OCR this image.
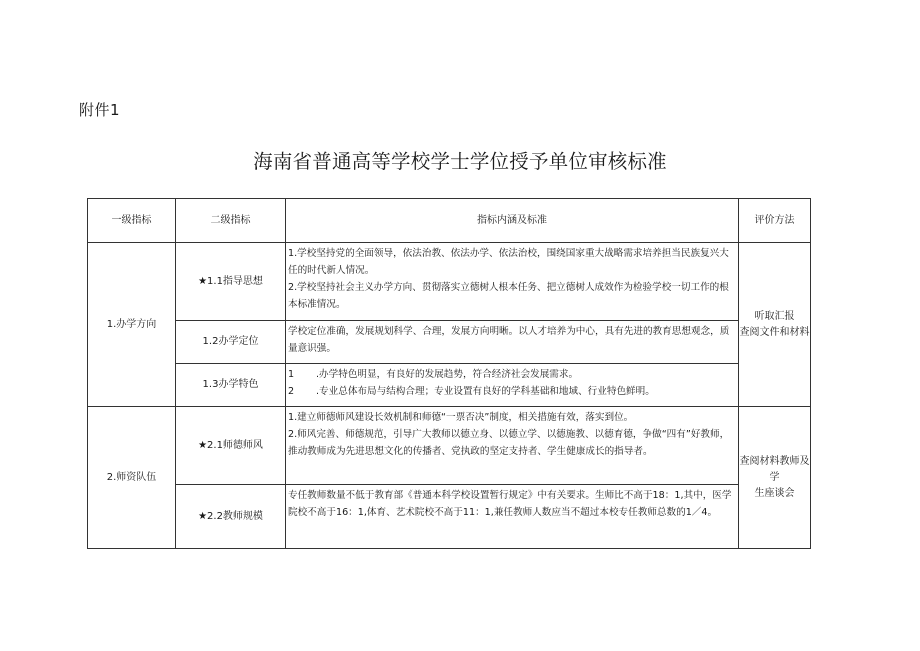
附件1
海南省普通高等学校学士学位授予单位审核标准
一级指标	二级指标	指标内涵及标准	评价方法
1.办学方向	★1.1指导思想	1.学校坚持党的全面领导，依法治教、依法办学、依法治校，围绕国家重大战略需求培养担当民族复兴大任的时代新人情况。
2.学校坚持社会主义办学方向、贯彻落实立德树人根本任务、把立德树人成效作为检验学校一切工作的根本标准情况。	听取汇报
查阅文件和材料

	1.2办学定位	学校定位准确，发展规划科学、合理，发展方向明晰。以人才培养为中心，具有先进的教育思想观念，质量意识强。	

	1.3办学特色	1 .办学特色明显，有良好的发展趋势，符合经济社会发展需求。
2 .专业总体布局与结构合理；专业设置有良好的学科基础和地域、行业特色鲜明。	

2.师资队伍	★2.1师德师风	1.建立师德师风建设长效机制和师德“一票否决”制度，相关措施有效，落实到位。
2.师风完善、师德规范，引导广大教师以德立身、以德立学、以德施教、以德育德，争做“四有”好教师，推动教师成为先进思想文化的传播者、党执政的坚定支持者、学生健康成长的指导者。	查阅材料教师及学
生座谈会

	★2.2教师规模	专任教师数量不低于教育部《普通本科学校设置暂行规定》中有关要求。生师比不高于18：1,其中，医学院校不高于16：1,体育、艺术院校不高于11：1,兼任教师人数应当不超过本校专任教师总数的1／4。	
